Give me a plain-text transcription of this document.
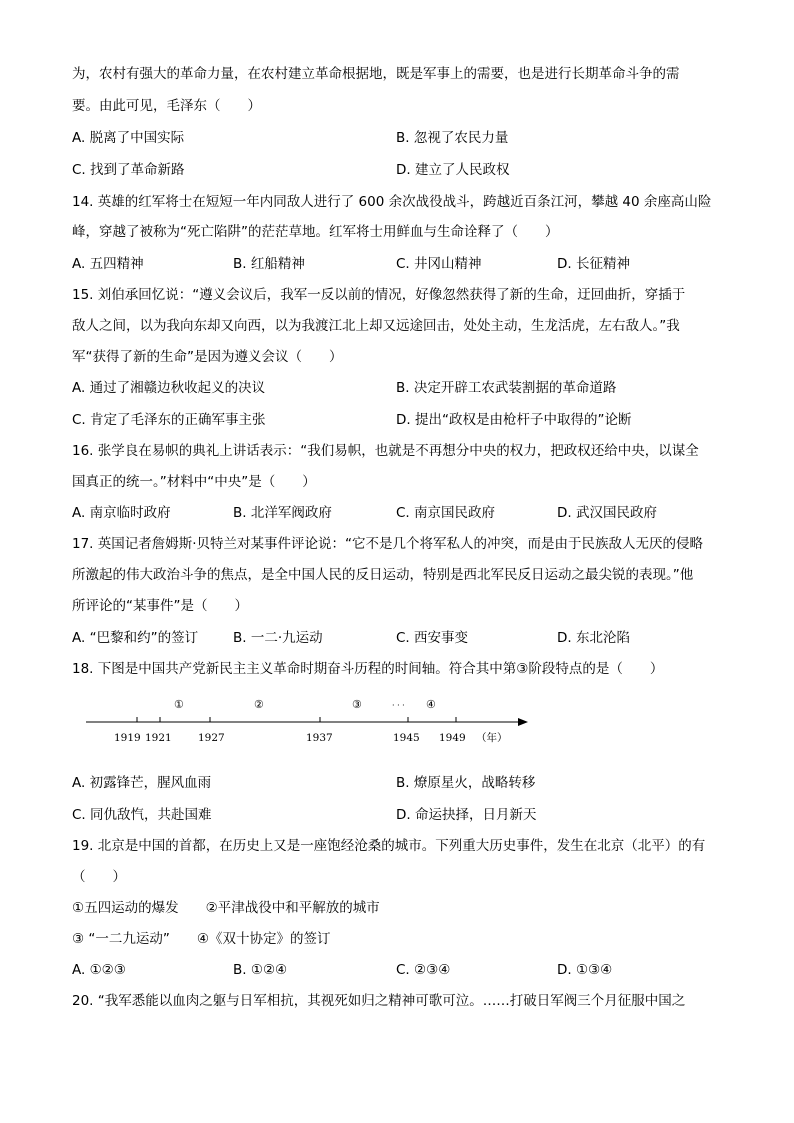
为，农村有强大的革命力量，在农村建立革命根据地，既是军事上的需要，也是进行长期革命斗争的需
要。由此可见，毛泽东（　　）
A. 脱离了中国实际	B. 忽视了农民力量
C. 找到了革命新路	D. 建立了人民政权
14. 英雄的红军将士在短短一年内同敌人进行了 600 余次战役战斗，跨越近百条江河，攀越 40 余座高山险
峰，穿越了被称为“死亡陷阱”的茫茫草地。红军将士用鲜血与生命诠释了（　　）
A. 五四精神	B. 红船精神	C. 井冈山精神	D. 长征精神
15. 刘伯承回忆说：“遵义会议后，我军一反以前的情况，好像忽然获得了新的生命，迂回曲折，穿插于
敌人之间，以为我向东却又向西，以为我渡江北上却又远途回击，处处主动，生龙活虎，左右敌人。”我
军“获得了新的生命”是因为遵义会议（　　）
A. 通过了湘赣边秋收起义的决议	B. 决定开辟工农武装割据的革命道路
C. 肯定了毛泽东的正确军事主张	D. 提出“政权是由枪杆子中取得的”论断
16. 张学良在易帜的典礼上讲话表示：“我们易帜，也就是不再想分中央的权力，把政权还给中央，以谋全
国真正的统一。”材料中“中央”是（　　）
A. 南京临时政府	B. 北洋军阀政府	C. 南京国民政府	D. 武汉国民政府
17. 英国记者詹姆斯·贝特兰对某事件评论说：“它不是几个将军私人的冲突，而是由于民族敌人无厌的侵略
所激起的伟大政治斗争的焦点，是全中国人民的反日运动，特别是西北军民反日运动之最尖锐的表现。”他
所评论的“某事件”是（　　）
A. “巴黎和约”的签订	B. 一二·九运动	C. 西安事变	D. 东北沦陷
18. 下图是中国共产党新民主主义革命时期奋斗历程的时间轴。符合其中第③阶段特点的是（　　）
①	②	③	· · · ④
1919 1921	1927	1937	1945 1949 （年）
A. 初露锋芒，腥风血雨	B. 燎原星火，战略转移
C. 同仇敌忾，共赴国难	D. 命运抉择，日月新天
19. 北京是中国的首都，在历史上又是一座饱经沧桑的城市。下列重大历史事件，发生在北京（北平）的有
（　　）
①五四运动的爆发　　②平津战役中和平解放的城市
③ “一二九运动”　　④《双十协定》的签订
A. ①②③	B. ①②④	C. ②③④	D. ①③④
20. “我军悉能以血肉之躯与日军相抗，其视死如归之精神可歌可泣。……打破日军阀三个月征服中国之
